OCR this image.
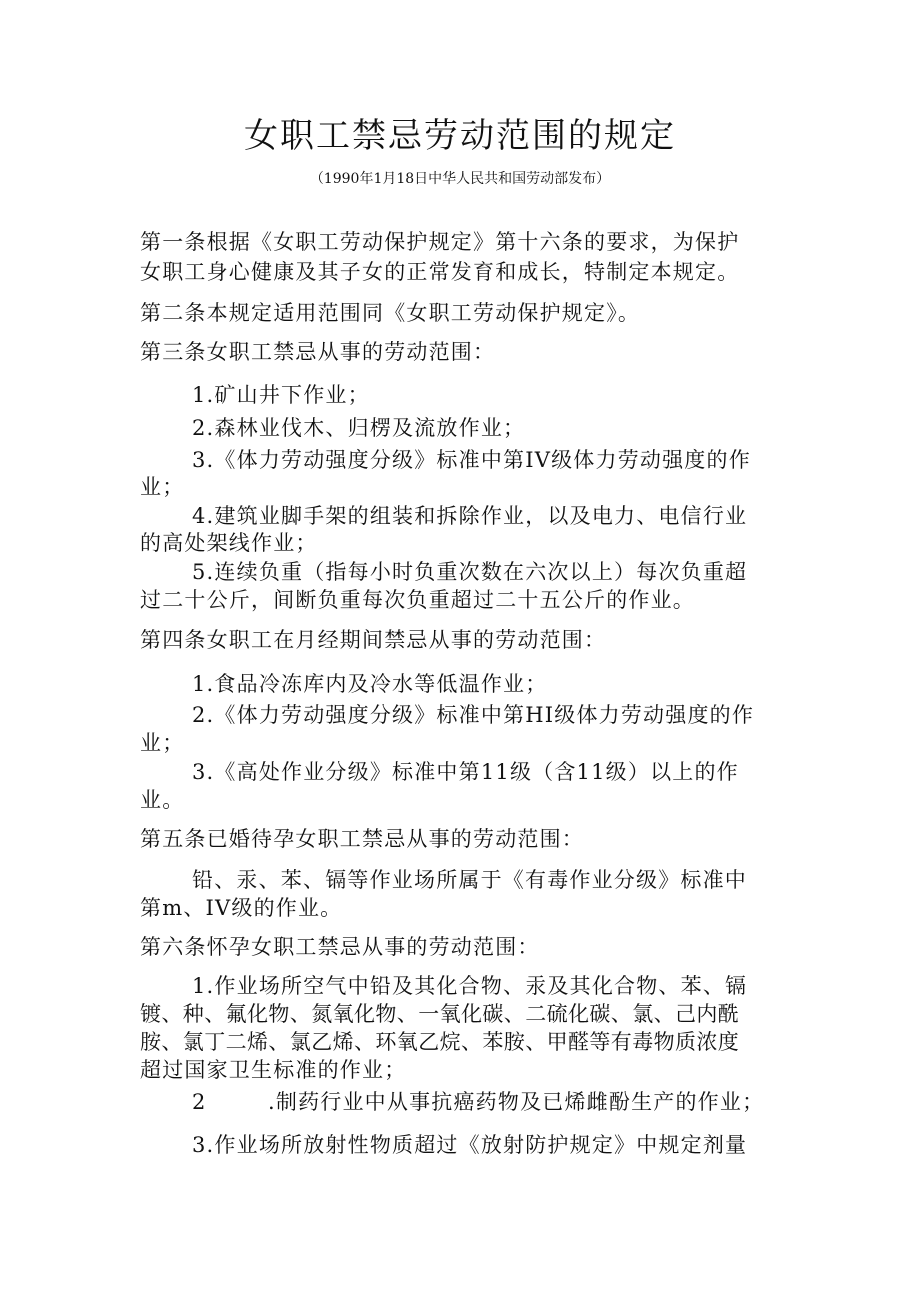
女职工禁忌劳动范围的规定
（1990年1月18日中华人民共和国劳动部发布）
第一条根据《女职工劳动保护规定》第十六条的要求，为保护
女职工身心健康及其子女的正常发育和成长，特制定本规定。
第二条本规定适用范围同《女职工劳动保护规定》。
第三条女职工禁忌从事的劳动范围：
1.矿山井下作业；
2.森林业伐木、归楞及流放作业；
3.《体力劳动强度分级》标准中第IV级体力劳动强度的作
业；
4.建筑业脚手架的组装和拆除作业，以及电力、电信行业
的高处架线作业；
5.连续负重（指每小时负重次数在六次以上）每次负重超
过二十公斤，间断负重每次负重超过二十五公斤的作业。
第四条女职工在月经期间禁忌从事的劳动范围：
1.食品冷冻库内及冷水等低温作业；
2.《体力劳动强度分级》标准中第HI级体力劳动强度的作
业；
3.《高处作业分级》标准中第11级（含11级）以上的作
业。
第五条已婚待孕女职工禁忌从事的劳动范围：
铅、汞、苯、镉等作业场所属于《有毒作业分级》标准中
第m、IV级的作业。
第六条怀孕女职工禁忌从事的劳动范围：
1.作业场所空气中铅及其化合物、汞及其化合物、苯、镉
镀、种、氟化物、氮氧化物、一氧化碳、二硫化碳、氯、己内酰
胺、氯丁二烯、氯乙烯、环氧乙烷、苯胺、甲醛等有毒物质浓度
超过国家卫生标准的作业；
2	.制药行业中从事抗癌药物及已烯雌酚生产的作业；
3.作业场所放射性物质超过《放射防护规定》中规定剂量
